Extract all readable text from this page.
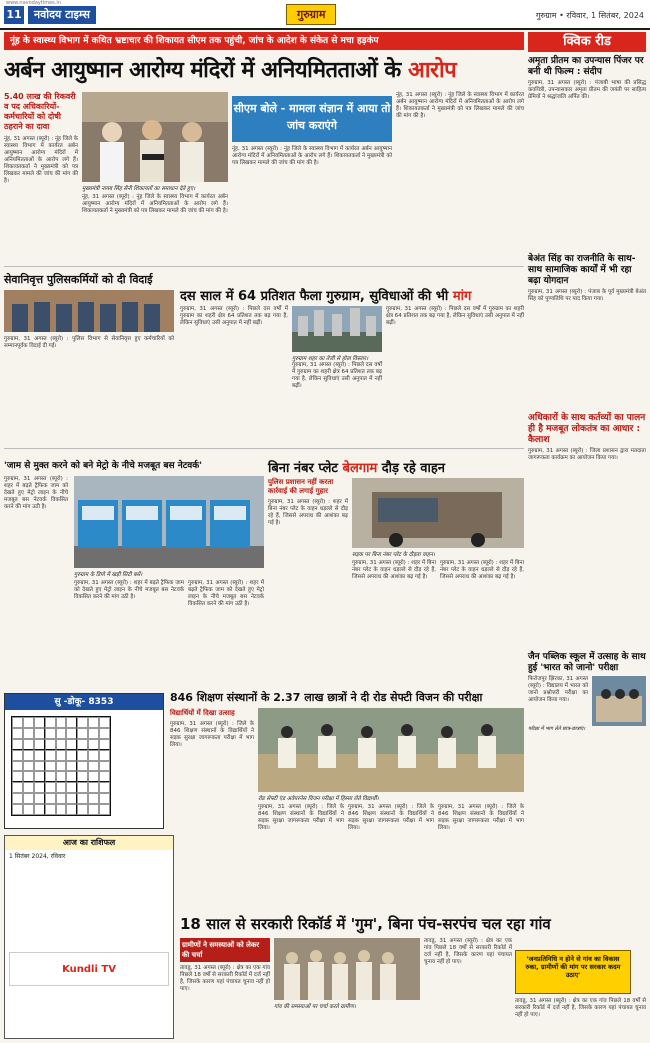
www.navodaytimes.in
11	नवोदय टाइम्स	गुरुग्राम	गुरुग्राम • रविवार, 1 सितंबर, 2024
नूंह के स्वास्थ्य विभाग में कथित भ्रष्टाचार की शिकायत सीएम तक पहुंची, जांच के आदेश के संकेत से मचा हड़कंप	क्विक रीड
अर्बन आयुष्मान आरोग्य मंदिरों में अनियमितताओं के आरोप
5.40 लाख की रिकवरी व पद अधिकारियों-कर्मचारियों को दोषी ठहराने का दावा
नूंह, 31 अगस्त (ब्यूरो) : नूंह जिले के स्वास्थ्य विभाग में कार्यरत अर्बन आयुष्मान आरोग्य मंदिरों में अनियमितताओं के आरोप लगे हैं। शिकायतकर्ता ने मुख्यमंत्री को पत्र लिखकर मामले की जांच की मांग की है।
मुख्यमंत्री नायब सिंह सैनी शिकायतों का समाधान देते हुए।
नूंह, 31 अगस्त (ब्यूरो) : नूंह जिले के स्वास्थ्य विभाग में कार्यरत अर्बन आयुष्मान आरोग्य मंदिरों में अनियमितताओं के आरोप लगे हैं। शिकायतकर्ता ने मुख्यमंत्री को पत्र लिखकर मामले की जांच की मांग की है।
सीएम बोले - मामला संज्ञान में आया तो जांच कराएंगे
नूंह, 31 अगस्त (ब्यूरो) : नूंह जिले के स्वास्थ्य विभाग में कार्यरत अर्बन आयुष्मान आरोग्य मंदिरों में अनियमितताओं के आरोप लगे हैं। शिकायतकर्ता ने मुख्यमंत्री को पत्र लिखकर मामले की जांच की मांग की है।
नूंह, 31 अगस्त (ब्यूरो) : नूंह जिले के स्वास्थ्य विभाग में कार्यरत अर्बन आयुष्मान आरोग्य मंदिरों में अनियमितताओं के आरोप लगे हैं। शिकायतकर्ता ने मुख्यमंत्री को पत्र लिखकर मामले की जांच की मांग की है।
अमृता प्रीतम का उपन्यास पिंजर पर बनी थी फिल्म : संदीप
गुरुग्राम, 31 अगस्त (ब्यूरो) : पंजाबी भाषा की प्रसिद्ध कवयित्री, उपन्यासकार अमृता प्रीतम की जयंती पर साहित्य प्रेमियों ने श्रद्धांजलि अर्पित की।
बेअंत सिंह का राजनीति के साथ-साथ सामाजिक कार्यों में भी रहा बढ़ा योगदान
गुरुग्राम, 31 अगस्त (ब्यूरो) : पंजाब के पूर्व मुख्यमंत्री बेअंत सिंह को पुण्यतिथि पर याद किया गया।
अधिकारों के साथ कर्तव्यों का पालन ही है मजबूत लोकतंत्र का आधार : कैलाश
गुरुग्राम, 31 अगस्त (ब्यूरो) : जिला प्रशासन द्वारा मतदाता जागरूकता कार्यक्रम का आयोजन किया गया।
जैन पब्लिक स्कूल में उत्साह के साथ हुई 'भारत को जानो' परीक्षा
फिरोजपुर झिरका, 31 अगस्त (ब्यूरो) : विद्यालय में भारत को जानो प्रश्नोत्तरी परीक्षा का आयोजन किया गया।
परीक्षा में भाग लेते छात्र-छात्राएं।
सेवानिवृत्त पुलिसकर्मियों को दी विदाई
गुरुग्राम, 31 अगस्त (ब्यूरो) : पुलिस विभाग से सेवानिवृत्त हुए कर्मचारियों को सम्मानपूर्वक विदाई दी गई।
दस साल में 64 प्रतिशत फैला गुरुग्राम, सुविधाओं की भी मांग
गुरुग्राम, 31 अगस्त (ब्यूरो) : पिछले दस वर्षों में गुरुग्राम का शहरी क्षेत्र 64 प्रतिशत तक बढ़ गया है, लेकिन सुविधाएं उसी अनुपात में नहीं बढ़ीं।
गुरुग्राम शहर का तेजी से होता विस्तार।
गुरुग्राम, 31 अगस्त (ब्यूरो) : पिछले दस वर्षों में गुरुग्राम का शहरी क्षेत्र 64 प्रतिशत तक बढ़ गया है, लेकिन सुविधाएं उसी अनुपात में नहीं बढ़ीं।
गुरुग्राम, 31 अगस्त (ब्यूरो) : पिछले दस वर्षों में गुरुग्राम का शहरी क्षेत्र 64 प्रतिशत तक बढ़ गया है, लेकिन सुविधाएं उसी अनुपात में नहीं बढ़ीं।
'जाम से मुक्त करने को बने मेट्रो के नीचे मजबूत बस नेटवर्क'
गुरुग्राम, 31 अगस्त (ब्यूरो) : शहर में बढ़ते ट्रैफिक जाम को देखते हुए मेट्रो लाइन के नीचे मजबूत बस नेटवर्क विकसित करने की मांग उठी है।
गुरुग्राम के डिपो में खड़ी सिटी बसें।
गुरुग्राम, 31 अगस्त (ब्यूरो) : शहर में बढ़ते ट्रैफिक जाम को देखते हुए मेट्रो लाइन के नीचे मजबूत बस नेटवर्क विकसित करने की मांग उठी है।
गुरुग्राम, 31 अगस्त (ब्यूरो) : शहर में बढ़ते ट्रैफिक जाम को देखते हुए मेट्रो लाइन के नीचे मजबूत बस नेटवर्क विकसित करने की मांग उठी है।
बिना नंबर प्लेट बेलगाम दौड़ रहे वाहन
पुलिस प्रशासन नहीं करता कार्रवाई की लगाई गुहार
गुरुग्राम, 31 अगस्त (ब्यूरो) : शहर में बिना नंबर प्लेट के वाहन धड़ल्ले से दौड़ रहे हैं, जिससे अपराध की आशंका बढ़ गई है।
सड़क पर बिना नंबर प्लेट के दौड़ता वाहन।
गुरुग्राम, 31 अगस्त (ब्यूरो) : शहर में बिना नंबर प्लेट के वाहन धड़ल्ले से दौड़ रहे हैं, जिससे अपराध की आशंका बढ़ गई है।
गुरुग्राम, 31 अगस्त (ब्यूरो) : शहर में बिना नंबर प्लेट के वाहन धड़ल्ले से दौड़ रहे हैं, जिससे अपराध की आशंका बढ़ गई है।
सु -डोकू- 8353	846 शिक्षण संस्थानों के 2.37 लाख छात्रों ने दी रोड सेफ्टी विजन की परीक्षा
विद्यार्थियों में दिखा उत्साह
गुरुग्राम, 31 अगस्त (ब्यूरो) : जिले के 846 शिक्षण संस्थानों के विद्यार्थियों ने सड़क सुरक्षा जागरूकता परीक्षा में भाग लिया।
रोड सेफ्टी एंड अवेयरनेस विजन परीक्षा में हिस्सा लेते विद्यार्थी।
गुरुग्राम, 31 अगस्त (ब्यूरो) : जिले के 846 शिक्षण संस्थानों के विद्यार्थियों ने सड़क सुरक्षा जागरूकता परीक्षा में भाग लिया।
गुरुग्राम, 31 अगस्त (ब्यूरो) : जिले के 846 शिक्षण संस्थानों के विद्यार्थियों ने सड़क सुरक्षा जागरूकता परीक्षा में भाग लिया।
गुरुग्राम, 31 अगस्त (ब्यूरो) : जिले के 846 शिक्षण संस्थानों के विद्यार्थियों ने सड़क सुरक्षा जागरूकता परीक्षा में भाग लिया।
आज का राशिफल
1 सितंबर 2024, रविवार
Kundli TV
18 साल से सरकारी रिकॉर्ड में 'गुम', बिना पंच-सरपंच चल रहा गांव
ग्रामीणों ने समस्याओं को लेकर की चर्चा
तावडू, 31 अगस्त (ब्यूरो) : क्षेत्र का एक गांव पिछले 18 वर्षों से सरकारी रिकॉर्ड में दर्ज नहीं है, जिसके कारण यहां पंचायत चुनाव नहीं हो पाए।
गांव की समस्याओं पर चर्चा करते ग्रामीण।
तावडू, 31 अगस्त (ब्यूरो) : क्षेत्र का एक गांव पिछले 18 वर्षों से सरकारी रिकॉर्ड में दर्ज नहीं है, जिसके कारण यहां पंचायत चुनाव नहीं हो पाए।	'जनप्रतिनिधि न होने से गांव का विकास रुका, ग्रामीणों की मांग पर सरकार कदम उठाए'
तावडू, 31 अगस्त (ब्यूरो) : क्षेत्र का एक गांव पिछले 18 वर्षों से सरकारी रिकॉर्ड में दर्ज नहीं है, जिसके कारण यहां पंचायत चुनाव नहीं हो पाए।
